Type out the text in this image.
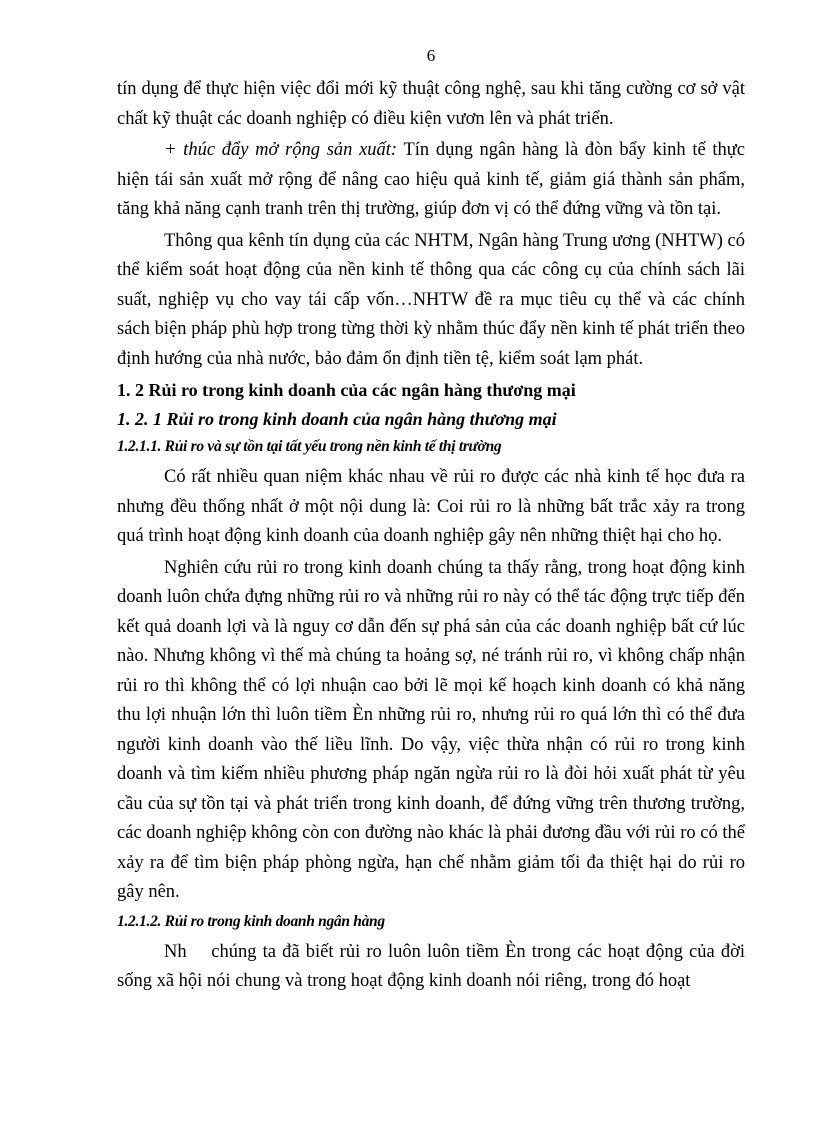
6

tín dụng để thực hiện việc đổi mới kỹ thuật công nghệ, sau khi tăng cường cơ sở vật chất kỹ thuật các doanh nghiệp có điều kiện vươn lên và phát triển.

+ thúc đẩy mở rộng sản xuất: Tín dụng ngân hàng là đòn bẩy kinh tế thực hiện tái sản xuất mở rộng để nâng cao hiệu quả kinh tế, giảm giá thành sản phẩm, tăng khả năng cạnh tranh trên thị trường, giúp đơn vị có thể đứng vững và tồn tại.

Thông qua kênh tín dụng của các NHTM, Ngân hàng Trung ương (NHTW) có thể kiểm soát hoạt động của nền kinh tế thông qua các công cụ của chính sách lãi suất, nghiệp vụ cho vay tái cấp vốn…NHTW đề ra mục tiêu cụ thể và các chính sách biện pháp phù hợp trong từng thời kỳ nhằm thúc đẩy nền kinh tế phát triển theo định hướng của nhà nước, bảo đảm ổn định tiền tệ, kiểm soát lạm phát.

1. 2 Rủi ro trong kinh doanh của các ngân hàng thương mại
1. 2. 1 Rủi ro trong kinh doanh của ngân hàng thương mại
1.2.1.1. Rủi ro và sự tồn tại tất yếu trong nền kinh tế thị trường

Có rất nhiều quan niệm khác nhau về rủi ro được các nhà kinh tế học đưa ra nhưng đều thống nhất ở một nội dung là: Coi rủi ro là những bất trắc xảy ra trong quá trình hoạt động kinh doanh của doanh nghiệp gây nên những thiệt hại cho họ.

Nghiên cứu rủi ro trong kinh doanh chúng ta thấy rằng, trong hoạt động kinh doanh luôn chứa đựng những rủi ro và những rủi ro này có thể tác động trực tiếp đến kết quả doanh lợi và là nguy cơ dẫn đến sự phá sản của các doanh nghiệp bất cứ lúc nào. Nhưng không vì thế mà chúng ta hoảng sợ, né tránh rủi ro, vì không chấp nhận rủi ro thì không thể có lợi nhuận cao bởi lẽ mọi kế hoạch kinh doanh có khả năng thu lợi nhuận lớn thì luôn tiềm Èn những rủi ro, nhưng rủi ro quá lớn thì có thể đưa người kinh doanh vào thế liều lĩnh. Do vậy, việc thừa nhận có rủi ro trong kinh doanh và tìm kiếm nhiều phương pháp ngăn ngừa rủi ro là đòi hỏi xuất phát từ yêu cầu của sự tồn tại và phát triển trong kinh doanh, để đứng vững trên thương trường, các doanh nghiệp không còn con đường nào khác là phải đương đầu với rủi ro có thể xảy ra để tìm biện pháp phòng ngừa, hạn chế nhằm giảm tối đa thiệt hại do rủi ro gây nên.

1.2.1.2. Rủi ro trong kinh doanh ngân hàng

Nh    chúng ta đã biết rủi ro luôn luôn tiềm Èn trong các hoạt động của đời sống xã hội nói chung và trong hoạt động kinh doanh nói riêng, trong đó hoạt
